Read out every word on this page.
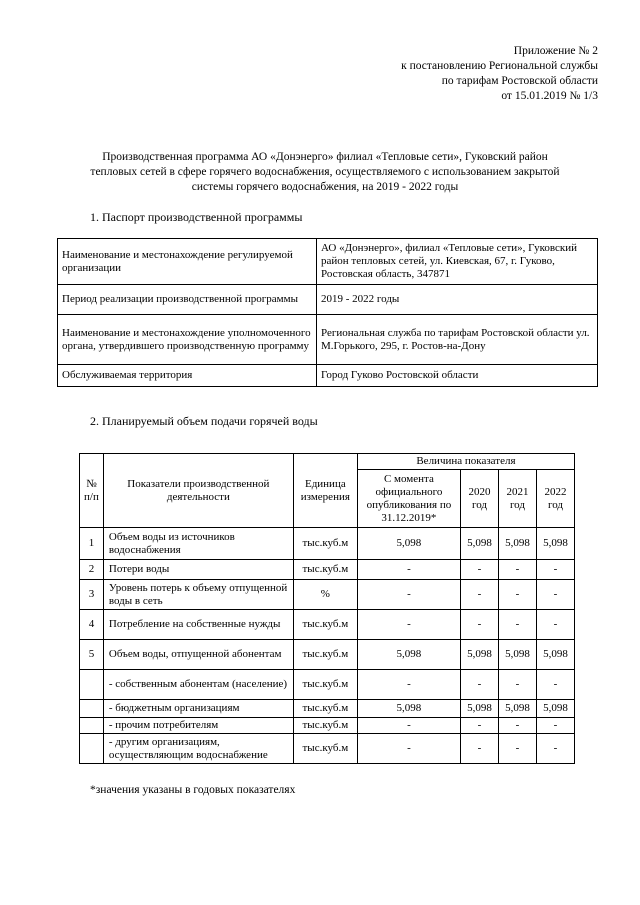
Приложение № 2
к постановлению Региональной службы
по тарифам Ростовской области
от 15.01.2019 № 1/3
Производственная программа АО «Донэнерго» филиал «Тепловые сети», Гуковский район
тепловых сетей в сфере горячего водоснабжения, осуществляемого с использованием закрытой
системы горячего водоснабжения, на 2019 - 2022 годы
1. Паспорт производственной программы
Наименование и местонахождение регулируемой организации	АО «Донэнерго», филиал «Тепловые сети», Гуковский район тепловых сетей, ул. Киевская, 67, г. Гуково, Ростовская область, 347871
Период реализации производственной программы	2019 - 2022 годы
Наименование и местонахождение уполномоченного органа, утвердившего производственную программу	Региональная служба по тарифам Ростовской области ул. М.Горького, 295, г. Ростов-на-Дону
Обслуживаемая территория	Город Гуково Ростовской области
2. Планируемый объем подачи горячей воды
№ п/п	Показатели производственной деятельности	Единица измерения	Величина показателя			
			С момента официального опубликования по 31.12.2019*	2020 год	2021 год	2022 год
1	Объем воды из источников водоснабжения	тыс.куб.м	5,098	5,098	5,098	5,098
2	Потери воды	тыс.куб.м	-	-	-	-
3	Уровень потерь к объему отпущенной воды в сеть	%	-	-	-	-
4	Потребление на собственные нужды	тыс.куб.м	-	-	-	-
5	Объем воды, отпущенной абонентам	тыс.куб.м	5,098	5,098	5,098	5,098
	- собственным абонентам (население)	тыс.куб.м	-	-	-	-
	- бюджетным организациям	тыс.куб.м	5,098	5,098	5,098	5,098
	- прочим потребителям	тыс.куб.м	-	-	-	-
	- другим организациям, осуществляющим водоснабжение	тыс.куб.м	-	-	-	-
*значения указаны в годовых показателях
